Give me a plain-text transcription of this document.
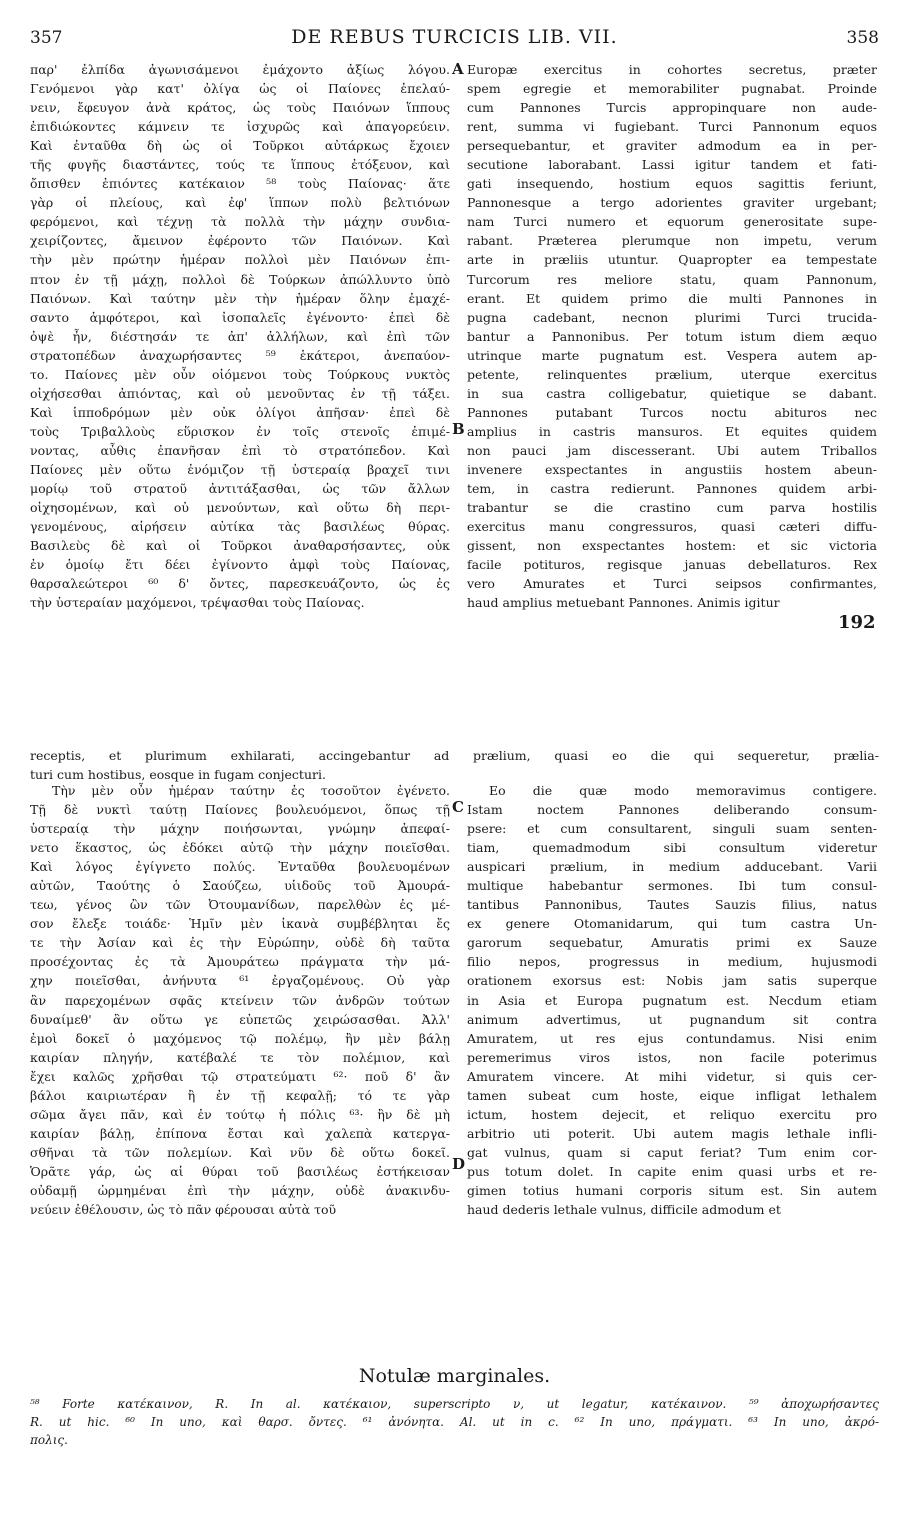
357	DE REBUS TURCICIS LIB. VII.	358
παρ' ἐλπίδα ἀγωνισάμενοι ἐμάχοντο ἀξίως λόγου.
Γενόμενοι γὰρ κατ' ὀλίγα ὡς οἱ Παίονες ἐπελαύ-
νειν, ἔφευγον ἀνὰ κράτος, ὡς τοὺς Παιόνων ἵππους
ἐπιδιώκοντες κάμνειν τε ἰσχυρῶς καὶ ἀπαγορεύειν.
Καὶ ἐνταῦθα δὴ ὡς οἱ Τοῦρκοι αὐτάρκως ἔχοιεν
τῆς φυγῆς διαστάντες, τούς τε ἵππους ἐτόξευον, καὶ
ὄπισθεν ἐπιόντες κατέκαιον ⁵⁸ τοὺς Παίονας· ἅτε
γὰρ οἱ πλείους, καὶ ἐφ' ἵππων πολὺ βελτιόνων
φερόμενοι, καὶ τέχνῃ τὰ πολλὰ τὴν μάχην συνδια-
χειρίζοντες, ἄμεινον ἐφέροντο τῶν Παιόνων. Καὶ
τὴν μὲν πρώτην ἡμέραν πολλοὶ μὲν Παιόνων ἐπι-
πτον ἐν τῇ μάχῃ, πολλοὶ δὲ Τούρκων ἀπώλλυντο ὑπὸ
Παιόνων. Καὶ ταύτην μὲν τὴν ἡμέραν ὅλην ἐμαχέ-
σαντο ἀμφότεροι, καὶ ἰσοπαλεῖς ἐγένοντο· ἐπεὶ δὲ
ὀψὲ ἦν, διέστησάν τε ἀπ' ἀλλήλων, καὶ ἐπὶ τῶν
στρατοπέδων ἀναχωρήσαντες ⁵⁹ ἑκάτεροι, ἀνεπαύον-
το. Παίονες μὲν οὖν οἰόμενοι τοὺς Τούρκους νυκτὸς
οἰχήσεσθαι ἀπιόντας, καὶ οὐ μενοῦντας ἐν τῇ τάξει.
Καὶ ἱπποδρόμων μὲν οὐκ ὀλίγοι ἀπῆσαν· ἐπεὶ δὲ
τοὺς Τριβαλλοὺς εὕρισκον ἐν τοῖς στενοῖς ἐπιμέ-
νοντας, αὖθις ἐπανῆσαν ἐπὶ τὸ στρατόπεδον. Καὶ
Παίονες μὲν οὕτω ἐνόμιζον τῇ ὑστεραίᾳ βραχεῖ τινι
μορίῳ τοῦ στρατοῦ ἀντιτάξασθαι, ὡς τῶν ἄλλων
οἰχησομένων, καὶ οὐ μενούντων, καὶ οὕτω δὴ περι-
γενομένους, αἱρήσειν αὐτίκα τὰς βασιλέως θύρας.
Βασιλεὺς δὲ καὶ οἱ Τοῦρκοι ἀναθαρσήσαντες, οὐκ
ἐν ὁμοίῳ ἔτι δέει ἐγίνοντο ἀμφὶ τοὺς Παίονας,
θαρσαλεώτεροι ⁶⁰ δ' ὄντες, παρεσκευάζοντο, ὡς ἐς
τὴν ὑστεραίαν μαχόμενοι, τρέψασθαι τοὺς Παίονας.
Europæ exercitus in cohortes secretus, præter
spem egregie et memorabiliter pugnabat. Proinde
cum Pannones Turcis appropinquare non aude-
rent, summa vi fugiebant. Turci Pannonum equos
persequebantur, et graviter admodum ea in per-
secutione laborabant. Lassi igitur tandem et fati-
gati insequendo, hostium equos sagittis feriunt,
Pannonesque a tergo adorientes graviter urgebant;
nam Turci numero et equorum generositate supe-
rabant. Præterea plerumque non impetu, verum
arte in præliis utuntur. Quapropter ea tempestate
Turcorum res meliore statu, quam Pannonum,
erant. Et quidem primo die multi Pannones in
pugna cadebant, necnon plurimi Turci trucida-
bantur a Pannonibus. Per totum istum diem æquo
utrinque marte pugnatum est. Vespera autem ap-
petente, relinquentes prælium, uterque exercitus
in sua castra colligebatur, quietique se dabant.
Pannones putabant Turcos noctu abituros nec
amplius in castris mansuros. Et equites quidem
non pauci jam discesserant. Ubi autem Triballos
invenere exspectantes in angustiis hostem abeun-
tem, in castra redierunt. Pannones quidem arbi-
trabantur se die crastino cum parva hostilis
exercitus manu congressuros, quasi cæteri diffu-
gissent, non exspectantes hostem: et sic victoria
facile potituros, regisque januas debellaturos. Rex
vero Amurates et Turci seipsos confirmantes,
haud amplius metuebant Pannones. Animis igitur
A
B
C
D
192
receptis, et plurimum exhilarati, accingebantur ad prælium, quasi eo die qui sequeretur, prælia-
turi cum hostibus, eosque in fugam conjecturi.
Τὴν μὲν οὖν ἡμέραν ταύτην ἐς τοσοῦτον ἐγένετο.
Τῇ δὲ νυκτὶ ταύτῃ Παίονες βουλευόμενοι, ὅπως τῇ
ὑστεραίᾳ τὴν μάχην ποιήσωνται, γνώμην ἀπεφαί-
νετο ἕκαστος, ὡς ἐδόκει αὐτῷ τὴν μάχην ποιεῖσθαι.
Καὶ λόγος ἐγίγνετο πολύς. Ἐνταῦθα βουλευομένων
αὐτῶν, Ταούτης ὁ Σαούζεω, υἱιδοῦς τοῦ Ἀμουρά-
τεω, γένος ὢν τῶν Ὀτουμανίδων, παρελθὼν ἐς μέ-
σον ἔλεξε τοιάδε· Ἡμῖν μὲν ἱκανὰ συμβέβληται ἔς
τε τὴν Ἀσίαν καὶ ἐς τὴν Εὐρώπην, οὐδὲ δὴ ταῦτα
προσέχοντας ἐς τὰ Ἀμουράτεω πράγματα τὴν μά-
χην ποιεῖσθαι, ἀνήνυτα ⁶¹ ἐργαζομένους. Οὐ γὰρ
ἂν παρεχομένων σφᾶς κτείνειν τῶν ἀνδρῶν τούτων
δυναίμεθ' ἂν οὕτω γε εὐπετῶς χειρώσασθαι. Ἀλλ'
ἐμοὶ δοκεῖ ὁ μαχόμενος τῷ πολέμῳ, ἢν μὲν βάλῃ
καιρίαν πληγήν, κατέβαλέ τε τὸν πολέμιον, καὶ
ἔχει καλῶς χρῆσθαι τῷ στρατεύματι ⁶²· ποῦ δ' ἂν
βάλοι καιριωτέραν ἢ ἐν τῇ κεφαλῇ; τό τε γὰρ
σῶμα ἄγει πᾶν, καὶ ἐν τούτῳ ἡ πόλις ⁶³· ἢν δὲ μὴ
καιρίαν βάλῃ, ἐπίπονα ἔσται καὶ χαλεπὰ κατεργα-
σθῆναι τὰ τῶν πολεμίων. Καὶ νῦν δὲ οὕτω δοκεῖ.
Ὁρᾶτε γάρ, ὡς αἱ θύραι τοῦ βασιλέως ἐστήκεισαν
οὐδαμῇ ὡρμημέναι ἐπὶ τὴν μάχην, οὐδὲ ἀνακινδυ-
νεύειν ἐθέλουσιν, ὡς τὸ πᾶν φέρουσαι αὐτὰ τοῦ
Eo die quæ modo memoravimus contigere.
Istam noctem Pannones deliberando consum-
psere: et cum consultarent, singuli suam senten-
tiam, quemadmodum sibi consultum videretur
auspicari prælium, in medium adducebant. Varii
multique habebantur sermones. Ibi tum consul-
tantibus Pannonibus, Tautes Sauzis filius, natus
ex genere Otomanidarum, qui tum castra Un-
garorum sequebatur, Amuratis primi ex Sauze
filio nepos, progressus in medium, hujusmodi
orationem exorsus est: Nobis jam satis superque
in Asia et Europa pugnatum est. Necdum etiam
animum advertimus, ut pugnandum sit contra
Amuratem, ut res ejus contundamus. Nisi enim
peremerimus viros istos, non facile poterimus
Amuratem vincere. At mihi videtur, si quis cer-
tamen subeat cum hoste, eique infligat lethalem
ictum, hostem dejecit, et reliquo exercitu pro
arbitrio uti poterit. Ubi autem magis lethale infli-
gat vulnus, quam si caput feriat? Tum enim cor-
pus totum dolet. In capite enim quasi urbs et re-
gimen totius humani corporis situm est. Sin autem
haud dederis lethale vulnus, difficile admodum et
Notulæ marginales.
⁵⁸ Forte κατέκαινον, R. In al. κατέκαιον, superscripto ν, ut legatur, κατέκαινον. ⁵⁹ ἀποχωρήσαντες
R. ut hic. ⁶⁰ In uno, καὶ θαρσ. ὄντες. ⁶¹ ἀνόνητα. Al. ut in c. ⁶² In uno, πράγματι. ⁶³ In uno, ἀκρό-
πολις.
